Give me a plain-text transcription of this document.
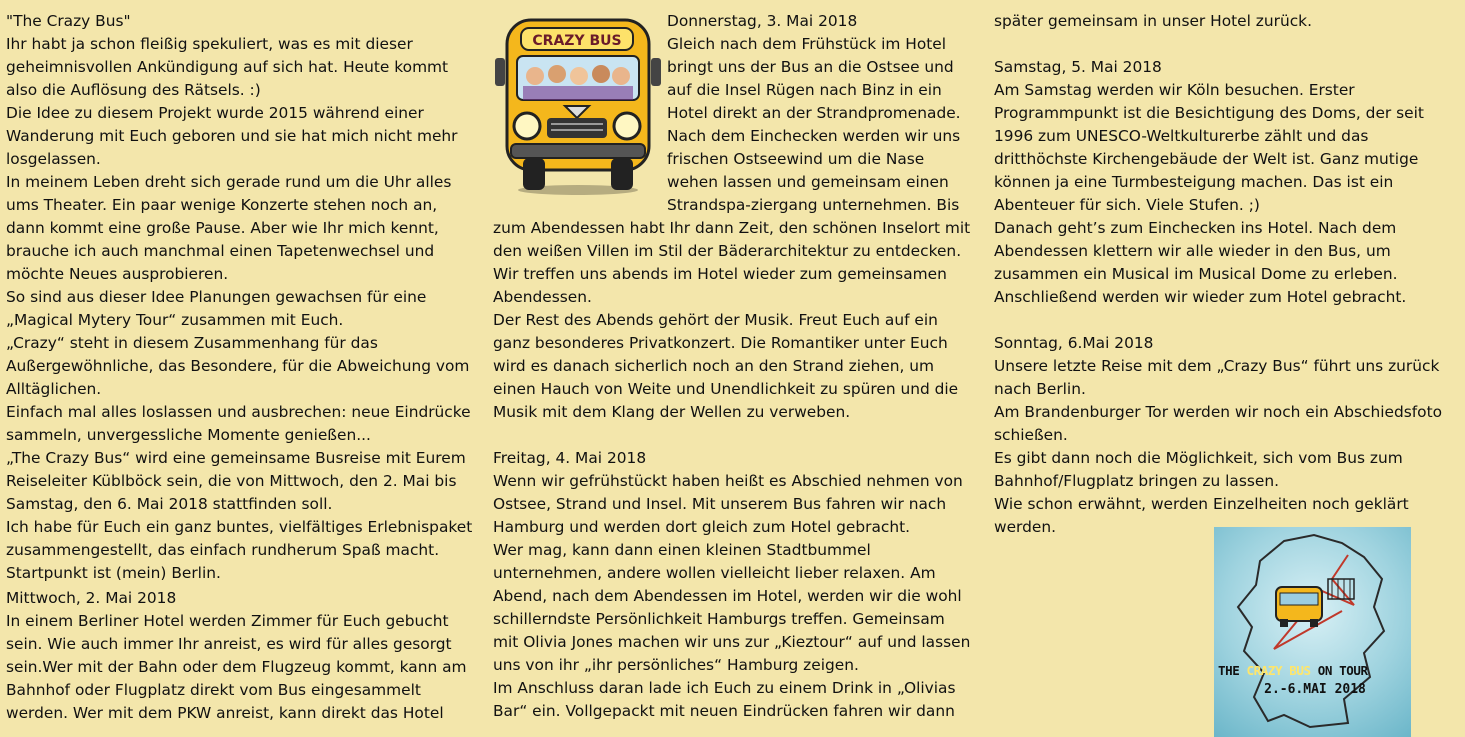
"The Crazy Bus"

Ihr habt ja schon fleißig spekuliert, was es mit dieser geheimnisvollen Ankündigung auf sich hat. Heute kommt also die Auflösung des Rätsels. :)

Die Idee zu diesem Projekt wurde 2015 während einer Wanderung mit Euch geboren und sie hat mich nicht mehr losgelassen.

In meinem Leben dreht sich gerade rund um die Uhr alles ums Theater. Ein paar wenige Konzerte stehen noch an, dann kommt eine große Pause. Aber wie Ihr mich kennt, brauche ich auch manchmal einen Tapetenwechsel und möchte Neues ausprobieren.

So sind aus dieser Idee Planungen gewachsen für eine „Magical Mytery Tour“ zusammen mit Euch.

„Crazy“ steht in diesem Zusammenhang für das Außergewöhnliche, das Besondere, für die Abweichung vom Alltäglichen.

Einfach mal alles loslassen und ausbrechen: neue Eindrücke sammeln, unvergessliche Momente genießen...

„The Crazy Bus“ wird eine gemeinsame Busreise mit Eurem Reiseleiter Küblböck sein, die von Mittwoch, den 2. Mai bis Samstag, den 6. Mai 2018 stattfinden soll.

Ich habe für Euch ein ganz buntes, vielfältiges Erlebnispaket zusammengestellt, das einfach rundherum Spaß macht.

Startpunkt ist (mein) Berlin.

Mittwoch, 2. Mai 2018

In einem Berliner Hotel werden Zimmer für Euch gebucht sein. Wie auch immer Ihr anreist, es wird für alles gesorgt sein.Wer mit der Bahn oder dem Flugzeug kommt, kann am Bahnhof oder Flugplatz direkt vom Bus eingesammelt werden. Wer mit dem PKW anreist, kann direkt das Hotel

CRAZY BUS

Donnerstag, 3. Mai 2018

Gleich nach dem Frühstück im Hotel bringt uns der Bus an die Ostsee und auf die Insel Rügen nach Binz in ein Hotel direkt an der Strandpromenade. Nach dem Einchecken werden wir uns frischen Ostseewind um die Nase wehen lassen und gemeinsam einen Strandspa-ziergang unternehmen. Bis zum Abendessen habt Ihr dann Zeit, den schönen Inselort mit den weißen Villen im Stil der Bäderarchitektur zu entdecken.

Wir treffen uns abends im Hotel wieder zum gemeinsamen Abendessen.

Der Rest des Abends gehört der Musik. Freut Euch auf ein ganz besonderes Privatkonzert. Die Romantiker unter Euch wird es danach sicherlich noch an den Strand ziehen, um einen Hauch von Weite und Unendlichkeit zu spüren und die Musik mit dem Klang der Wellen zu verweben.

Freitag, 4. Mai 2018

Wenn wir gefrühstückt haben heißt es Abschied nehmen von Ostsee, Strand und Insel. Mit unserem Bus fahren wir nach Hamburg und werden dort gleich zum Hotel gebracht.

Wer mag, kann dann einen kleinen Stadtbummel unternehmen, andere wollen vielleicht lieber relaxen. Am Abend, nach dem Abendessen im Hotel, werden wir die wohl schillerndste Persönlichkeit Hamburgs treffen. Gemeinsam mit Olivia Jones machen wir uns zur „Kieztour“ auf und lassen uns von ihr „ihr persönliches“ Hamburg zeigen.

Im Anschluss daran lade ich Euch zu einem Drink in „Olivias Bar“ ein. Vollgepackt mit neuen Eindrücken fahren wir dann

später gemeinsam in unser Hotel zurück.

Samstag, 5. Mai 2018

Am Samstag werden wir Köln besuchen. Erster Programmpunkt ist die Besichtigung des Doms, der seit 1996 zum UNESCO-Weltkulturerbe zählt und das dritthöchste Kirchengebäude der Welt ist. Ganz mutige können ja eine Turmbesteigung machen. Das ist ein Abenteuer für sich. Viele Stufen. ;)

Danach geht’s zum Einchecken ins Hotel. Nach dem Abendessen klettern wir alle wieder in den Bus, um zusammen ein Musical im Musical Dome zu erleben. Anschließend werden wir wieder zum Hotel gebracht.

Sonntag, 6.Mai 2018

Unsere letzte Reise mit dem „Crazy Bus“ führt uns zurück nach Berlin.

Am Brandenburger Tor werden wir noch ein Abschiedsfoto schießen.

Es gibt dann noch die Möglichkeit, sich vom Bus zum Bahnhof/Flugplatz bringen zu lassen.

Wie schon erwähnt, werden Einzelheiten noch geklärt werden.

THE CRAZY BUS ON TOUR
2.-6.MAI 2018
